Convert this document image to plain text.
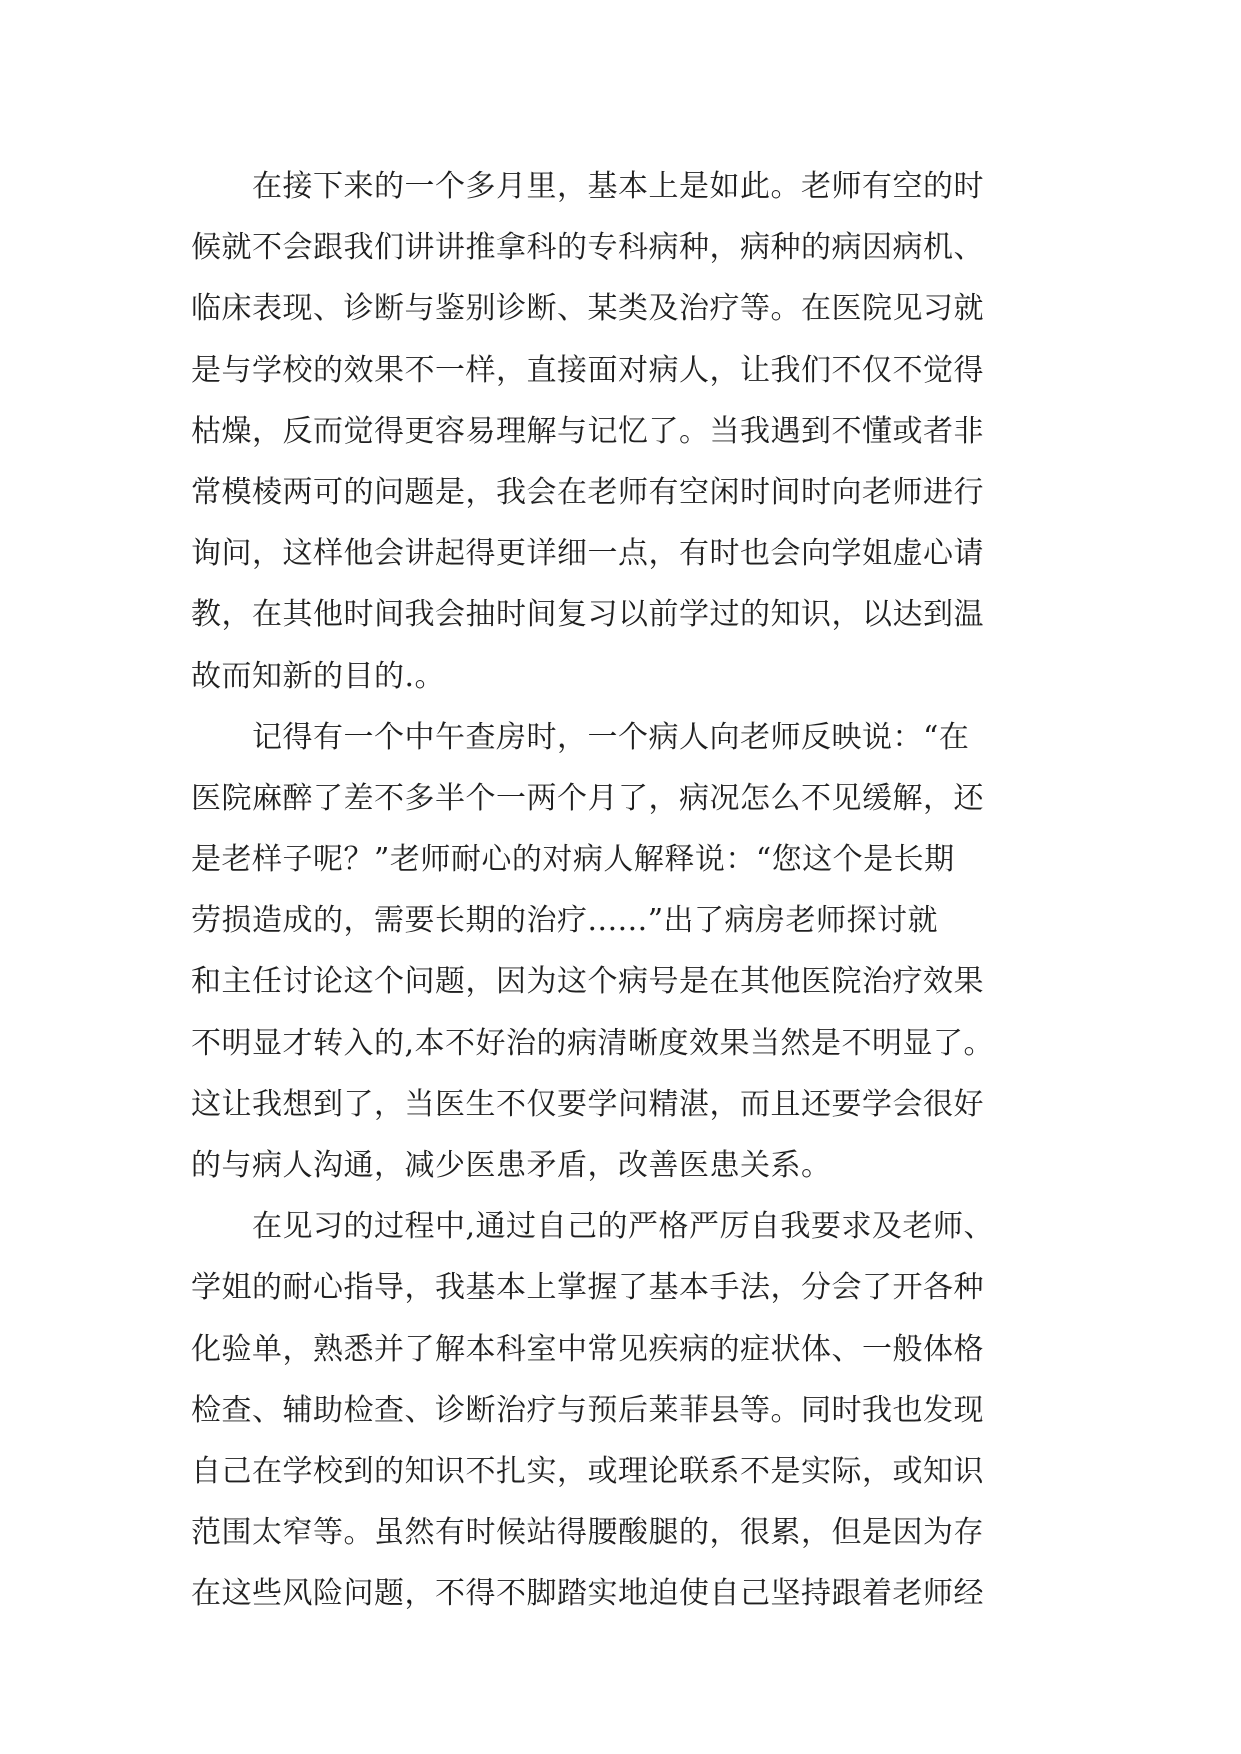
　　在接下来的一个多月里，基本上是如此。老师有空的时
候就不会跟我们讲讲推拿科的专科病种，病种的病因病机、
临床表现、诊断与鉴别诊断、某类及治疗等。在医院见习就
是与学校的效果不一样，直接面对病人，让我们不仅不觉得
枯燥，反而觉得更容易理解与记忆了。当我遇到不懂或者非
常模棱两可的问题是，我会在老师有空闲时间时向老师进行
询问，这样他会讲起得更详细一点，有时也会向学姐虚心请
教，在其他时间我会抽时间复习以前学过的知识，以达到温
故而知新的目的.。
　　记得有一个中午查房时，一个病人向老师反映说：“在
医院麻醉了差不多半个一两个月了，病况怎么不见缓解，还
是老样子呢？”老师耐心的对病人解释说：“您这个是长期
劳损造成的，需要长期的治疗......”出了病房老师探讨就
和主任讨论这个问题，因为这个病号是在其他医院治疗效果
不明显才转入的,本不好治的病清晰度效果当然是不明显了。
这让我想到了，当医生不仅要学问精湛，而且还要学会很好
的与病人沟通，减少医患矛盾，改善医患关系。
　　在见习的过程中,通过自己的严格严厉自我要求及老师、
学姐的耐心指导，我基本上掌握了基本手法，分会了开各种
化验单，熟悉并了解本科室中常见疾病的症状体、一般体格
检查、辅助检查、诊断治疗与预后莱菲县等。同时我也发现
自己在学校到的知识不扎实，或理论联系不是实际，或知识
范围太窄等。虽然有时候站得腰酸腿的，很累，但是因为存
在这些风险问题，不得不脚踏实地迫使自己坚持跟着老师经
